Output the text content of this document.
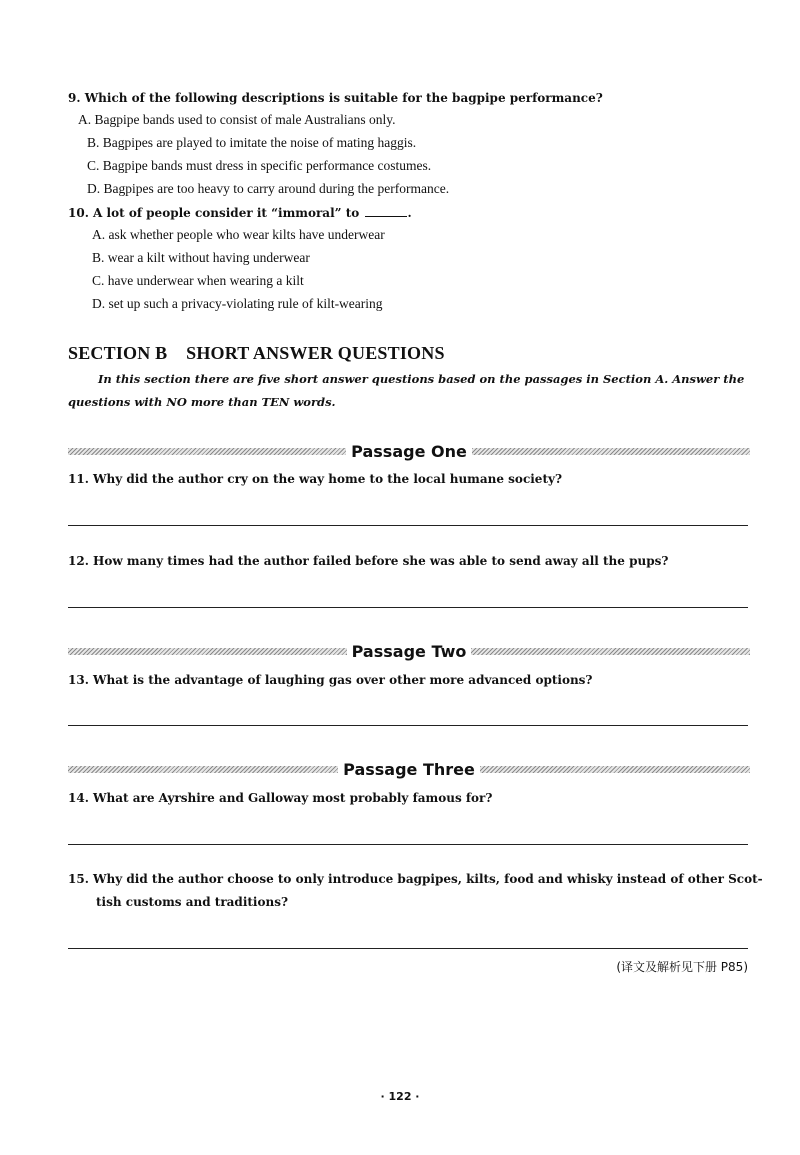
9. Which of the following descriptions is suitable for the bagpipe performance?
A. Bagpipe bands used to consist of male Australians only.
B. Bagpipes are played to imitate the noise of mating haggis.
C. Bagpipe bands must dress in specific performance costumes.
D. Bagpipes are too heavy to carry around during the performance.
10. A lot of people consider it “immoral” to	.
A. ask whether people who wear kilts have underwear
B. wear a kilt without having underwear
C. have underwear when wearing a kilt
D. set up such a privacy-violating rule of kilt-wearing
SECTION B    SHORT ANSWER QUESTIONS
In this section there are five short answer questions based on the passages in Section A. Answer the
questions with NO more than TEN words.
Passage One
11. Why did the author cry on the way home to the local humane society?
12. How many times had the author failed before she was able to send away all the pups?
Passage Two
13. What is the advantage of laughing gas over other more advanced options?
Passage Three
14. What are Ayrshire and Galloway most probably famous for?
15. Why did the author choose to only introduce bagpipes, kilts, food and whisky instead of other Scot-
tish customs and traditions?
(译文及解析见下册 P85)
· 122 ·
